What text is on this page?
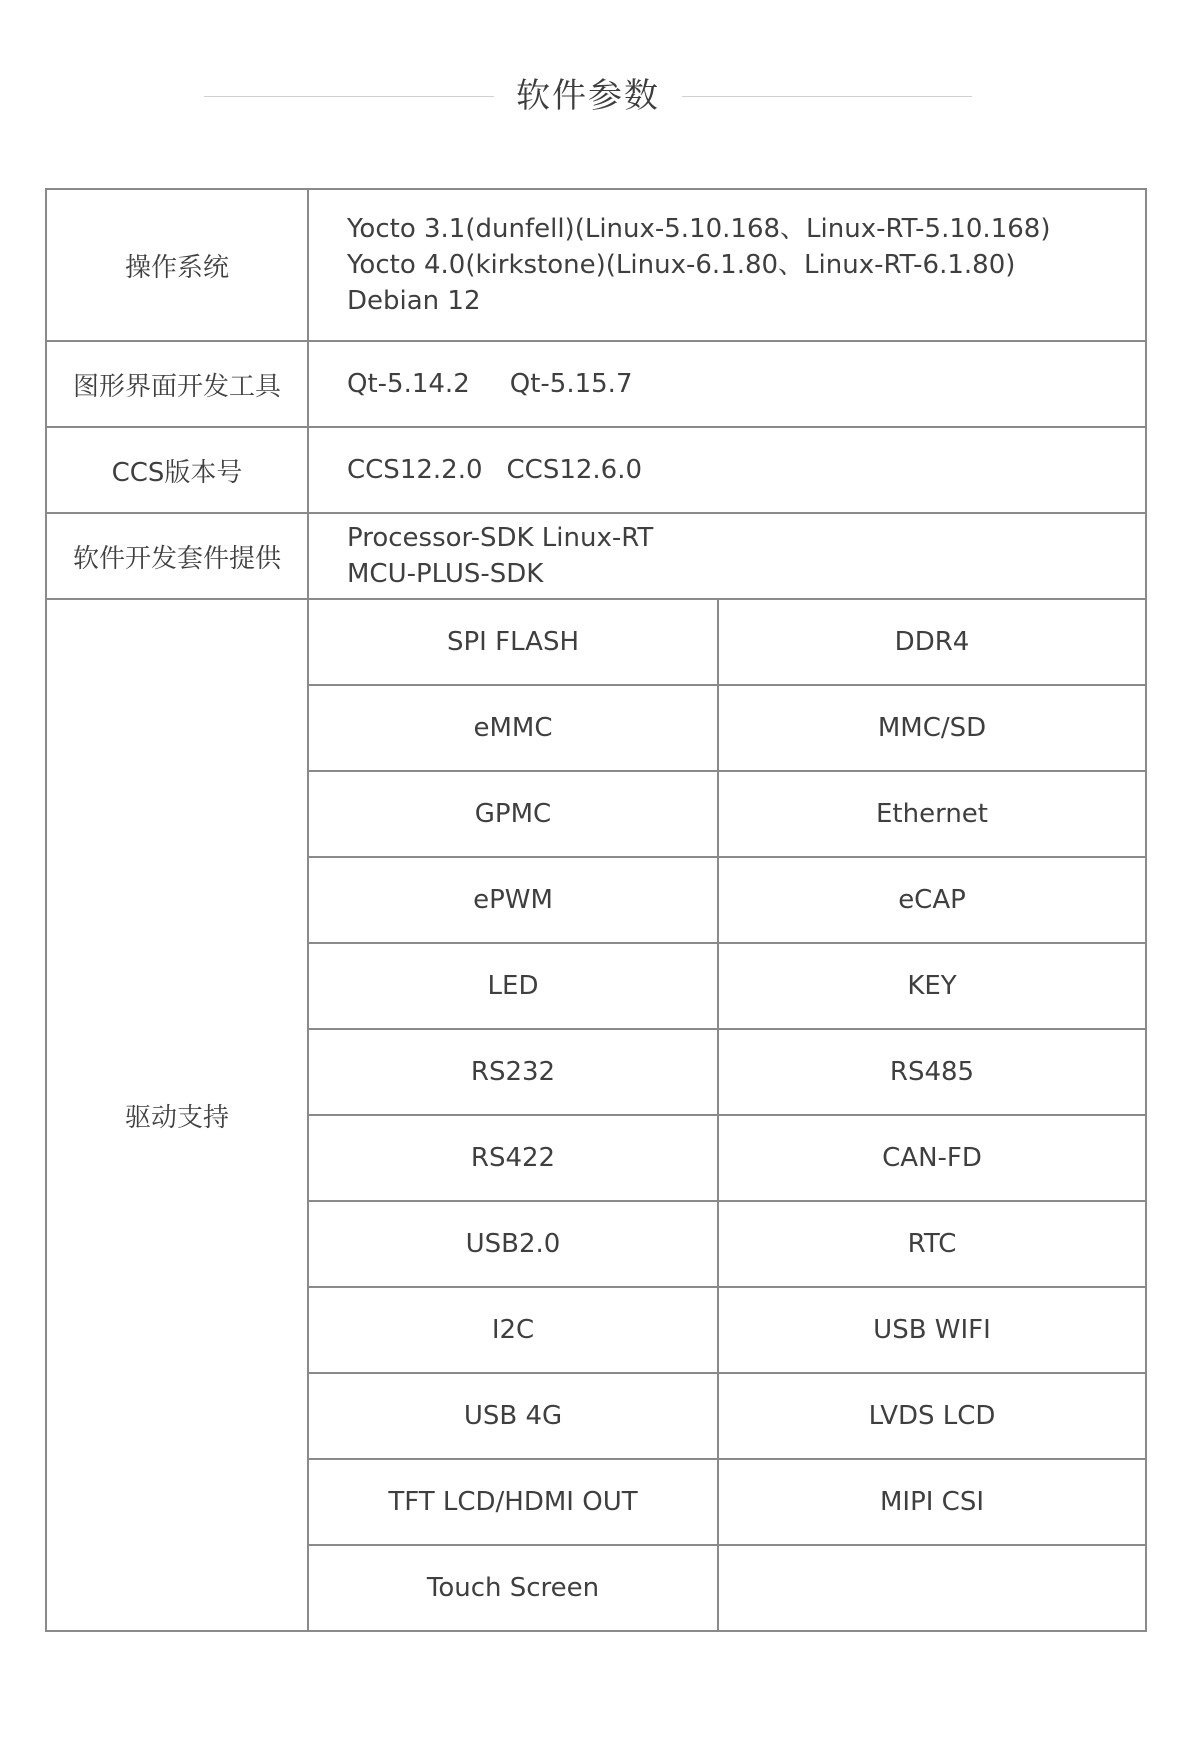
软件参数
操作系统	Yocto 3.1(dunfell)(Linux-5.10.168、Linux-RT-5.10.168)
Yocto 4.0(kirkstone)(Linux-6.1.80、Linux-RT-6.1.80)
Debian 12	

图形界面开发工具	Qt-5.14.2 Qt-5.15.7	
CCS版本号	CCS12.2.0 CCS12.6.0	
软件开发套件提供	Processor-SDK Linux-RT
MCU-PLUS-SDK	

驱动支持	SPI FLASH	DDR4
	eMMC	MMC/SD
	GPMC	Ethernet
	ePWM	eCAP
	LED	KEY
	RS232	RS485
	RS422	CAN-FD
	USB2.0	RTC
	I2C	USB WIFI
	USB 4G	LVDS LCD
	TFT LCD/HDMI OUT	MIPI CSI
	Touch Screen	
